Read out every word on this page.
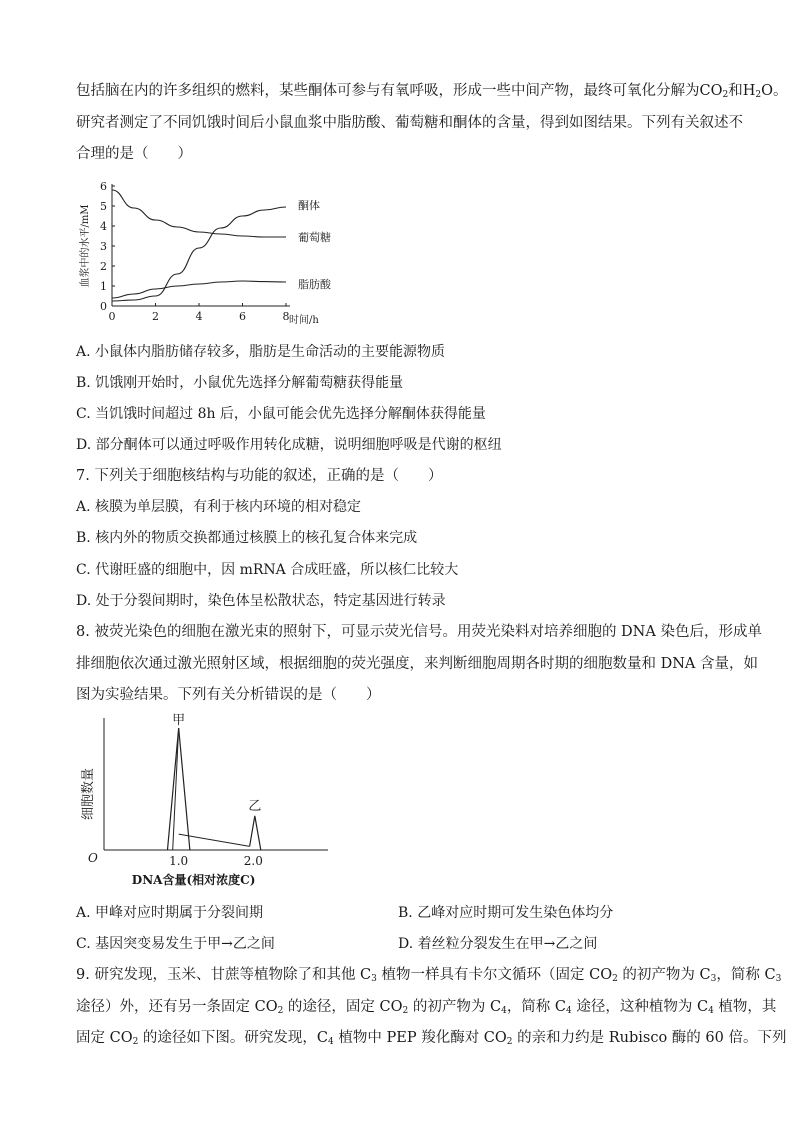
包括脑在内的许多组织的燃料，某些酮体可参与有氧呼吸，形成一些中间产物，最终可氧化分解为$CO_2$和$H_2O$。
研究者测定了不同饥饿时间后小鼠血浆中脂肪酸、葡萄糖和酮体的含量，得到如图结果。下列有关叙述不
合理的是（　　）
0
1
2
3
4
5
6
0	2	4	6	8 时间/h
血浆中的水平/mM	酮体
葡萄糖
脂肪酸
A. 小鼠体内脂肪储存较多，脂肪是生命活动的主要能源物质
B. 饥饿刚开始时，小鼠优先选择分解葡萄糖获得能量
C. 当饥饿时间超过 8h 后，小鼠可能会优先选择分解酮体获得能量
D. 部分酮体可以通过呼吸作用转化成糖，说明细胞呼吸是代谢的枢纽
7. 下列关于细胞核结构与功能的叙述，正确的是（　　）
A. 核膜为单层膜，有利于核内环境的相对稳定
B. 核内外的物质交换都通过核膜上的核孔复合体来完成
C. 代谢旺盛的细胞中，因 mRNA 合成旺盛，所以核仁比较大
D. 处于分裂间期时，染色体呈松散状态，特定基因进行转录
8. 被荧光染色的细胞在激光束的照射下，可显示荧光信号。用荧光染料对培养细胞的 DNA 染色后，形成单
排细胞依次通过激光照射区域，根据细胞的荧光强度，来判断细胞周期各时期的细胞数量和 DNA 含量，如
图为实验结果。下列有关分析错误的是（　　）
O	1.0	2.0
DNA含量(相对浓度C)
细胞数量
甲
乙
A. 甲峰对应时期属于分裂间期	B. 乙峰对应时期可发生染色体均分
C. 基因突变易发生于甲→乙之间	D. 着丝粒分裂发生在甲→乙之间
9. 研究发现，玉米、甘蔗等植物除了和其他 $C_3$ 植物一样具有卡尔文循环（固定 $CO_2$ 的初产物为 $C_3$，简称 $C_3$
途径）外，还有另一条固定 $CO_2$ 的途径，固定 $CO_2$ 的初产物为 $C_4$，简称 $C_4$ 途径，这种植物为 $C_4$ 植物，其
固定 $CO_2$ 的途径如下图。研究发现，$C_4$ 植物中 PEP 羧化酶对 $CO_2$ 的亲和力约是 Rubisco 酶的 60 倍。下列
